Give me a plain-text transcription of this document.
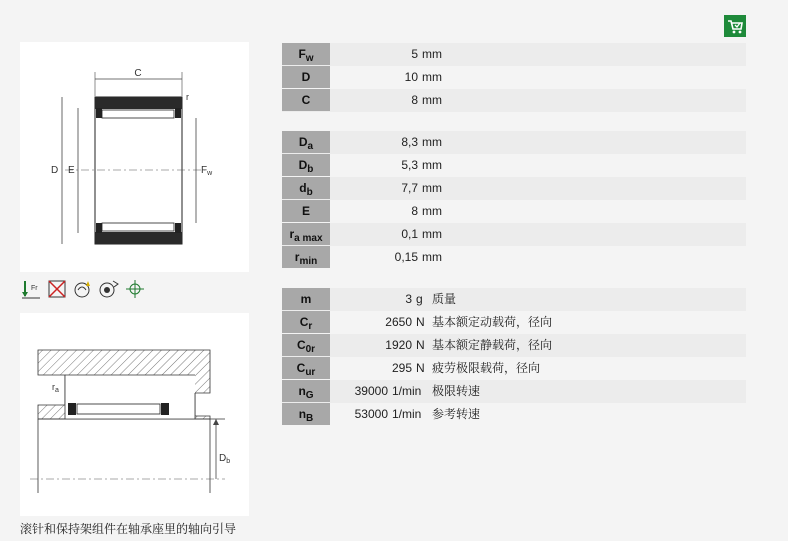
C
r
D E	$F_w$
Fr
$r_a$
$D_b$
滚针和保持架组件在轴承座里的轴向引导
$F_w$	5 mm
D	10 mm
C	8 mm
$D_a$	8,3 mm
$D_b$	5,3 mm
$d_b$	7,7 mm
E	8 mm
$r_{a max}$	0,1 mm
$r_{min}$	0,15 mm
m	3 g 质量
$C_r$	2650 N 基本额定动载荷，径向
$C_{0r}$	1920 N 基本额定静载荷，径向
$C_{ur}$	295 N 疲劳极限载荷，径向
$n_G$	39000 1/min 极限转速
$n_B$	53000 1/min 参考转速
